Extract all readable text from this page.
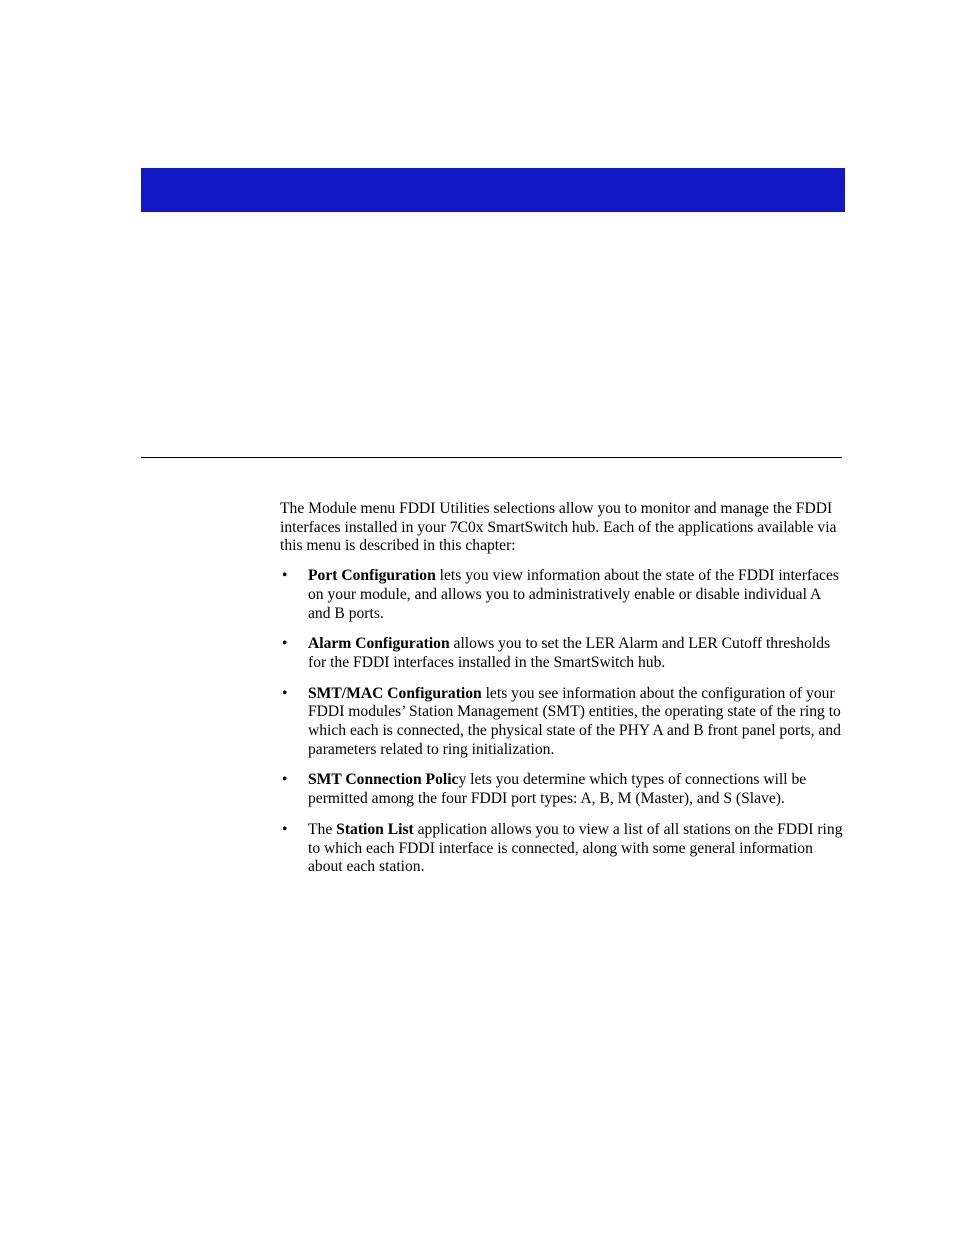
The Module menu FDDI Utilities selections allow you to monitor and manage the FDDI interfaces installed in your 7C0x SmartSwitch hub. Each of the applications available via this menu is described in this chapter:

• Port Configuration lets you view information about the state of the FDDI interfaces on your module, and allows you to administratively enable or disable individual A and B ports.
• Alarm Configuration allows you to set the LER Alarm and LER Cutoff thresholds for the FDDI interfaces installed in the SmartSwitch hub.
• SMT/MAC Configuration lets you see information about the configuration of your FDDI modules’ Station Management (SMT) entities, the operating state of the ring to which each is connected, the physical state of the PHY A and B front panel ports, and parameters related to ring initialization.
• SMT Connection Policy lets you determine which types of connections will be permitted among the four FDDI port types: A, B, M (Master), and S (Slave).
• The Station List application allows you to view a list of all stations on the FDDI ring to which each FDDI interface is connected, along with some general information about each station.
